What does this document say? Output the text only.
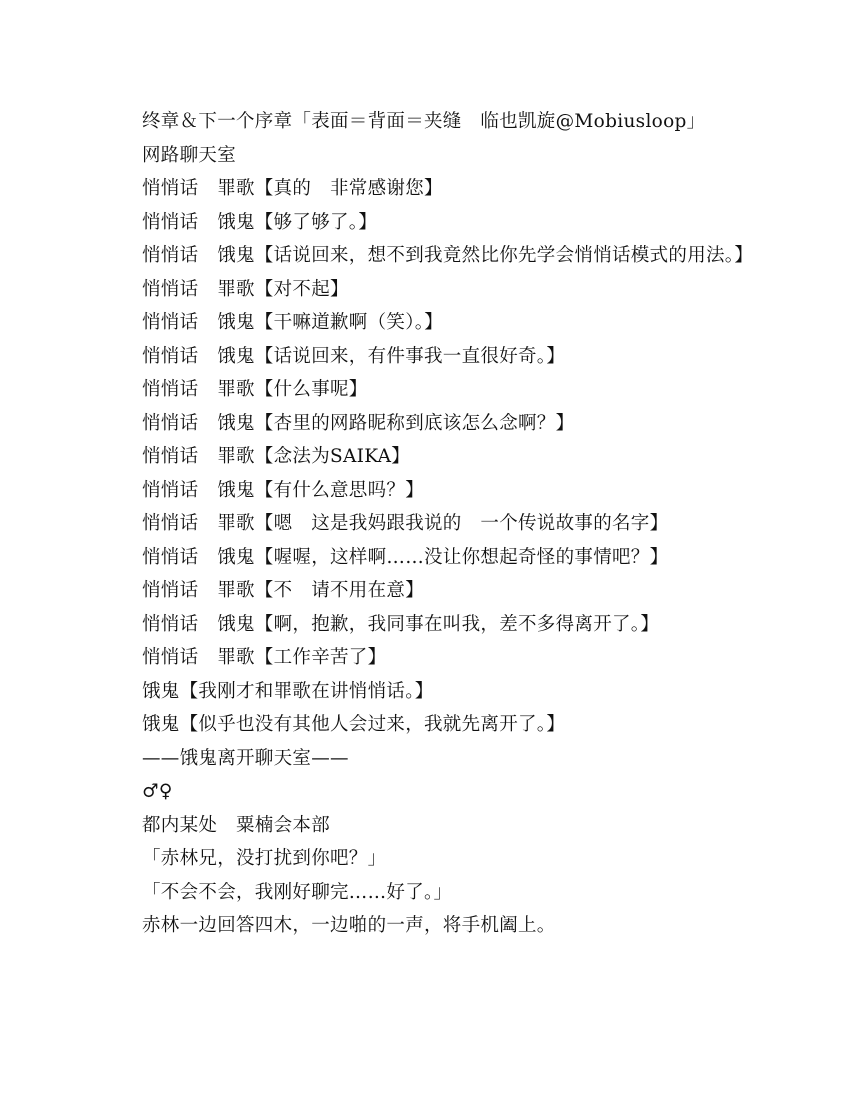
终章＆下一个序章「表面＝背面＝夹缝　临也凯旋@Mobiusloop」

网路聊天室

悄悄话　罪歌【真的　非常感谢您】

悄悄话　饿鬼【够了够了。】

悄悄话　饿鬼【话说回来，想不到我竟然比你先学会悄悄话模式的用法。】

悄悄话　罪歌【对不起】

悄悄话　饿鬼【干嘛道歉啊（笑）。】

悄悄话　饿鬼【话说回来，有件事我一直很好奇。】

悄悄话　罪歌【什么事呢】

悄悄话　饿鬼【杏里的网路昵称到底该怎么念啊？】

悄悄话　罪歌【念法为SAIKA】

悄悄话　饿鬼【有什么意思吗？】

悄悄话　罪歌【嗯　这是我妈跟我说的　一个传说故事的名字】

悄悄话　饿鬼【喔喔，这样啊……没让你想起奇怪的事情吧？】

悄悄话　罪歌【不　请不用在意】

悄悄话　饿鬼【啊，抱歉，我同事在叫我，差不多得离开了。】

悄悄话　罪歌【工作辛苦了】

饿鬼【我刚才和罪歌在讲悄悄话。】

饿鬼【似乎也没有其他人会过来，我就先离开了。】

——饿鬼离开聊天室——

♂♀

都内某处　粟楠会本部

「赤林兄，没打扰到你吧？」

「不会不会，我刚好聊完……好了。」

赤林一边回答四木，一边啪的一声，将手机阖上。
